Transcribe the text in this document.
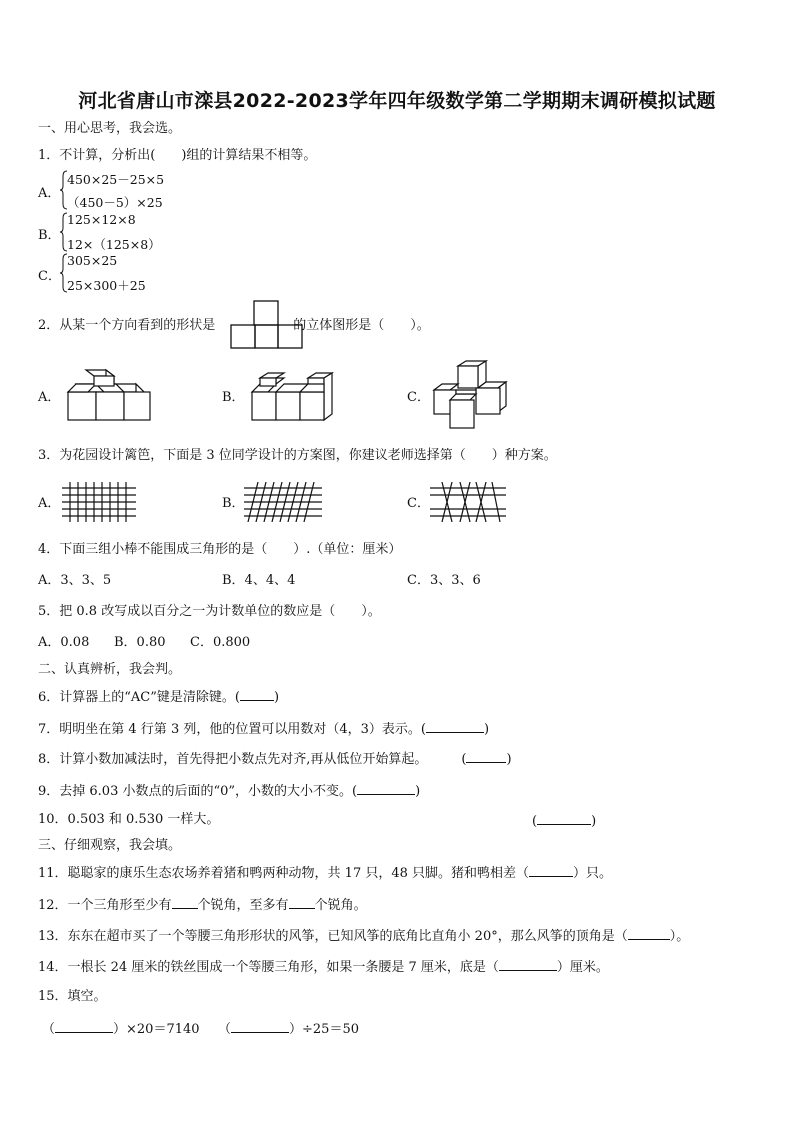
河北省唐山市滦县2022-2023学年四年级数学第二学期期末调研模拟试题
一、用心思考，我会选。
1．不计算，分析出( )组的计算结果不相等。
A．
450×25－25×5
（450－5）×25
B．
125×12×8
12×（125×8）
C．
305×25
25×300＋25
2．从某一个方向看到的形状是	的立体图形是（　　）。
A．	B．	C．
3．为花园设计篱笆，下面是 3 位同学设计的方案图，你建议老师选择第（　　）种方案。
A．	B．	C．
4．下面三组小棒不能围成三角形的是（　　）.（单位：厘米）
A．3、3、5	B．4、4、4	C．3、3、6
5．把 0.8 改写成以百分之一为计数单位的数应是（　　）。
A．0.08 B．0.80 C．0.800
二、认真辨析，我会判。
6．计算器上的“AC”键是清除键。(	)
7．明明坐在第 4 行第 3 列，他的位置可以用数对（4，3）表示。(	)
8．计算小数加减法时，首先得把小数点先对齐,再从低位开始算起。	(	)
9．去掉 6.03 小数点的后面的“0”，小数的大小不变。(	)
10．0.503 和 0.530 一样大。	(	)
三、仔细观察，我会填。
11．聪聪家的康乐生态农场养着猪和鸭两种动物，共 17 只，48 只脚。猪和鸭相差（	）只。
12．一个三角形至少有 个锐角，至多有 个锐角。
13．东东在超市买了一个等腰三角形形状的风筝，已知风筝的底角比直角小 20°，那么风筝的顶角是（	）。
14．一根长 24 厘米的铁丝围成一个等腰三角形，如果一条腰是 7 厘米，底是（	）厘米。
15．填空。
（	）×20＝7140 （	）÷25＝50
